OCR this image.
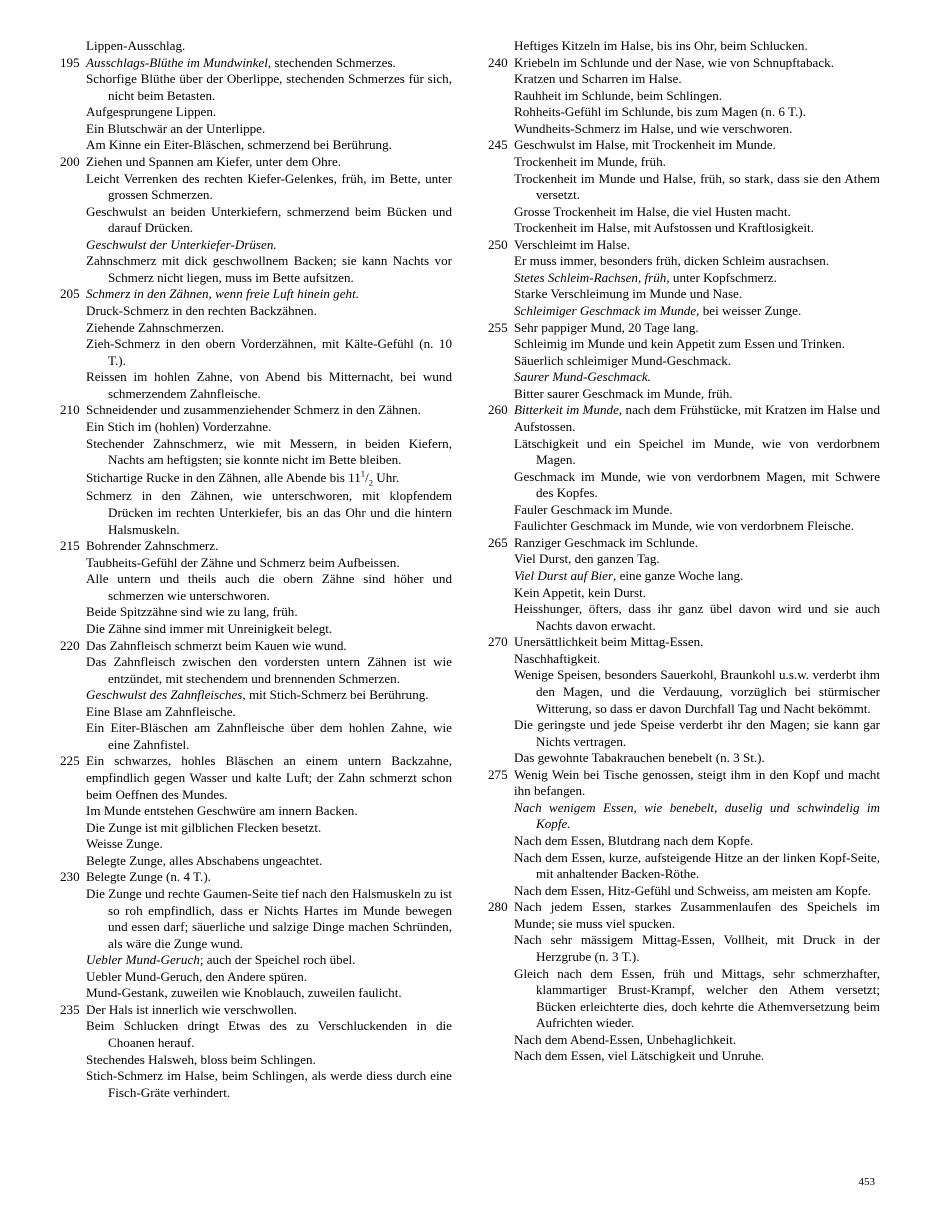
Lippen-Ausschlag.
195 Ausschlags-Blüthe im Mundwinkel, stechenden Schmerzes.
Schorfige Blüthe über der Oberlippe, stechenden Schmerzes für sich, nicht beim Betasten.
Aufgesprungene Lippen.
Ein Blutschwär an der Unterlippe.
Am Kinne ein Eiter-Bläschen, schmerzend bei Berührung.
200 Ziehen und Spannen am Kiefer, unter dem Ohre.
Leicht Verrenken des rechten Kiefer-Gelenkes, früh, im Bette, unter grossen Schmerzen.
Geschwulst an beiden Unterkiefern, schmerzend beim Bücken und darauf Drücken.
Geschwulst der Unterkiefer-Drüsen.
Zahnschmerz mit dick geschwollnem Backen; sie kann Nachts vor Schmerz nicht liegen, muss im Bette aufsitzen.
205 Schmerz in den Zähnen, wenn freie Luft hinein geht.
Druck-Schmerz in den rechten Backzähnen.
Ziehende Zahnschmerzen.
Zieh-Schmerz in den obern Vorderzähnen, mit Kälte-Gefühl (n. 10 T.).
Reissen im hohlen Zahne, von Abend bis Mitternacht, bei wund schmerzendem Zahnfleische.
210 Schneidender und zusammenziehender Schmerz in den Zähnen.
Ein Stich im (hohlen) Vorderzahne.
Stechender Zahnschmerz, wie mit Messern, in beiden Kiefern, Nachts am heftigsten; sie konnte nicht im Bette bleiben.
Stichartige Rucke in den Zähnen, alle Abende bis $11^1/_2$ Uhr.
Schmerz in den Zähnen, wie unterschworen, mit klopfendem Drücken im rechten Unterkiefer, bis an das Ohr und die hintern Halsmuskeln.
215 Bohrender Zahnschmerz.
Taubheits-Gefühl der Zähne und Schmerz beim Aufbeissen.
Alle untern und theils auch die obern Zähne sind höher und schmerzen wie unterschworen.
Beide Spitzzähne sind wie zu lang, früh.
Die Zähne sind immer mit Unreinigkeit belegt.
220 Das Zahnfleisch schmerzt beim Kauen wie wund.
Das Zahnfleisch zwischen den vordersten untern Zähnen ist wie entzündet, mit stechendem und brennenden Schmerzen.
Geschwulst des Zahnfleisches, mit Stich-Schmerz bei Berührung.
Eine Blase am Zahnfleische.
Ein Eiter-Bläschen am Zahnfleische über dem hohlen Zahne, wie eine Zahnfistel.
225 Ein schwarzes, hohles Bläschen an einem untern Backzahne, empfindlich gegen Wasser und kalte Luft; der Zahn schmerzt schon beim Oeffnen des Mundes.
Im Munde entstehen Geschwüre am innern Backen.
Die Zunge ist mit gilblichen Flecken besetzt.
Weisse Zunge.
Belegte Zunge, alles Abschabens ungeachtet.
230 Belegte Zunge (n. 4 T.).
Die Zunge und rechte Gaumen-Seite tief nach den Halsmuskeln zu ist so roh empfindlich, dass er Nichts Hartes im Munde bewegen und essen darf; säuerliche und salzige Dinge machen Schründen, als wäre die Zunge wund.
Uebler Mund-Geruch; auch der Speichel roch übel.
Uebler Mund-Geruch, den Andere spüren.
Mund-Gestank, zuweilen wie Knoblauch, zuweilen faulicht.
235 Der Hals ist innerlich wie verschwollen.
Beim Schlucken dringt Etwas des zu Verschluckenden in die Choanen herauf.
Stechendes Halsweh, bloss beim Schlingen.
Stich-Schmerz im Halse, beim Schlingen, als werde diess durch eine Fisch-Gräte verhindert.
Heftiges Kitzeln im Halse, bis ins Ohr, beim Schlucken.
240 Kriebeln im Schlunde und der Nase, wie von Schnupftaback.
Kratzen und Scharren im Halse.
Rauhheit im Schlunde, beim Schlingen.
Rohheits-Gefühl im Schlunde, bis zum Magen (n. 6 T.).
Wundheits-Schmerz im Halse, und wie verschworen.
245 Geschwulst im Halse, mit Trockenheit im Munde.
Trockenheit im Munde, früh.
Trockenheit im Munde und Halse, früh, so stark, dass sie den Athem versetzt.
Grosse Trockenheit im Halse, die viel Husten macht.
Trockenheit im Halse, mit Aufstossen und Kraftlosigkeit.
250 Verschleimt im Halse.
Er muss immer, besonders früh, dicken Schleim ausrachsen.
Stetes Schleim-Rachsen, früh, unter Kopfschmerz.
Starke Verschleimung im Munde und Nase.
Schleimiger Geschmack im Munde, bei weisser Zunge.
255 Sehr pappiger Mund, 20 Tage lang.
Schleimig im Munde und kein Appetit zum Essen und Trinken.
Säuerlich schleimiger Mund-Geschmack.
Saurer Mund-Geschmack.
Bitter saurer Geschmack im Munde, früh.
260 Bitterkeit im Munde, nach dem Frühstücke, mit Kratzen im Halse und Aufstossen.
Lätschigkeit und ein Speichel im Munde, wie von verdorbnem Magen.
Geschmack im Munde, wie von verdorbnem Magen, mit Schwere des Kopfes.
Fauler Geschmack im Munde.
Faulichter Geschmack im Munde, wie von verdorbnem Fleische.
265 Ranziger Geschmack im Schlunde.
Viel Durst, den ganzen Tag.
Viel Durst auf Bier, eine ganze Woche lang.
Kein Appetit, kein Durst.
Heisshunger, öfters, dass ihr ganz übel davon wird und sie auch Nachts davon erwacht.
270 Unersättlichkeit beim Mittag-Essen.
Naschhaftigkeit.
Wenige Speisen, besonders Sauerkohl, Braunkohl u.s.w. verderbt ihm den Magen, und die Verdauung, vorzüglich bei stürmischer Witterung, so dass er davon Durchfall Tag und Nacht bekömmt.
Die geringste und jede Speise verderbt ihr den Magen; sie kann gar Nichts vertragen.
Das gewohnte Tabakrauchen benebelt (n. 3 St.).
275 Wenig Wein bei Tische genossen, steigt ihm in den Kopf und macht ihn befangen.
Nach wenigem Essen, wie benebelt, duselig und schwindelig im Kopfe.
Nach dem Essen, Blutdrang nach dem Kopfe.
Nach dem Essen, kurze, aufsteigende Hitze an der linken Kopf-Seite, mit anhaltender Backen-Röthe.
Nach dem Essen, Hitz-Gefühl und Schweiss, am meisten am Kopfe.
280 Nach jedem Essen, starkes Zusammenlaufen des Speichels im Munde; sie muss viel spucken.
Nach sehr mässigem Mittag-Essen, Vollheit, mit Druck in der Herzgrube (n. 3 T.).
Gleich nach dem Essen, früh und Mittags, sehr schmerzhafter, klammartiger Brust-Krampf, welcher den Athem versetzt; Bücken erleichterte dies, doch kehrte die Athemversetzung beim Aufrichten wieder.
Nach dem Abend-Essen, Unbehaglichkeit.
Nach dem Essen, viel Lätschigkeit und Unruhe.
453
